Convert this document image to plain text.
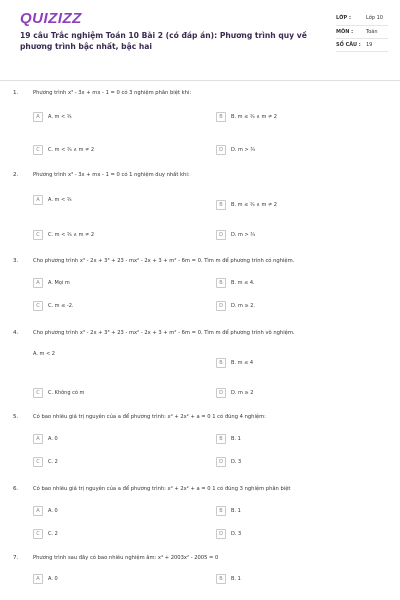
QUIZIZZ
19 câu Trắc nghiệm Toán 10 Bài 2 (có đáp án): Phương trình quy về phương trình bậc nhất, bậc hai
LỚP :	Lớp 10
MÔN :	Toán
SỐ CÂU :	19
1.	Phương trình x³ - 3x + mx - 1 = 0 có 3 nghiệm phân biệt khi:
A	A. m < ¾	B	B. m ≤ ¾ ∧ m ≠ 2
C	C. m < ¾ ∧ m ≠ 2	D	D. m > ¾
2.	Phương trình x³ - 3x + mx - 1 = 0 có 1 nghiệm duy nhất khi:
A	A. m < ¾
B	B. m ≤ ¾ ∧ m ≠ 2
C	C. m < ¾ ∧ m ≠ 2	D	D. m > ¾
3.	Cho phương trình x³ - 2x + 3³ + 23 - mx² - 2x + 3 + m² - 6m = 0. Tìm m để phương trình có nghiệm.
A	A. Mọi m	B	B. m ≤ 4.
C	C. m ≤ -2.	D	D. m ≥ 2.
4.	Cho phương trình x³ - 2x + 3³ + 23 - mx² - 2x + 3 + m² - 6m = 0. Tìm m để phương trình vô nghiệm.
A. m < 2
B	B. m ≤ 4
C	C. Không có m	D	D. m ≥ 2
5.	Có bao nhiêu giá trị nguyên của a để phương trình: x⁴ + 2x² + a = 0 1 có đúng 4 nghiệm:
A	A. 0	B	B. 1
C	C. 2	D	D. 3
6.	Có bao nhiêu giá trị nguyên của a để phương trình: x⁴ + 2x² + a = 0 1 có đúng 3 nghiệm phân biệt
A	A. 0	B	B. 1
C	C. 2	D	D. 3
7.	Phương trình sau đây có bao nhiêu nghiệm âm: x⁴ + 2003x² - 2005 = 0
A	A. 0	B	B. 1
